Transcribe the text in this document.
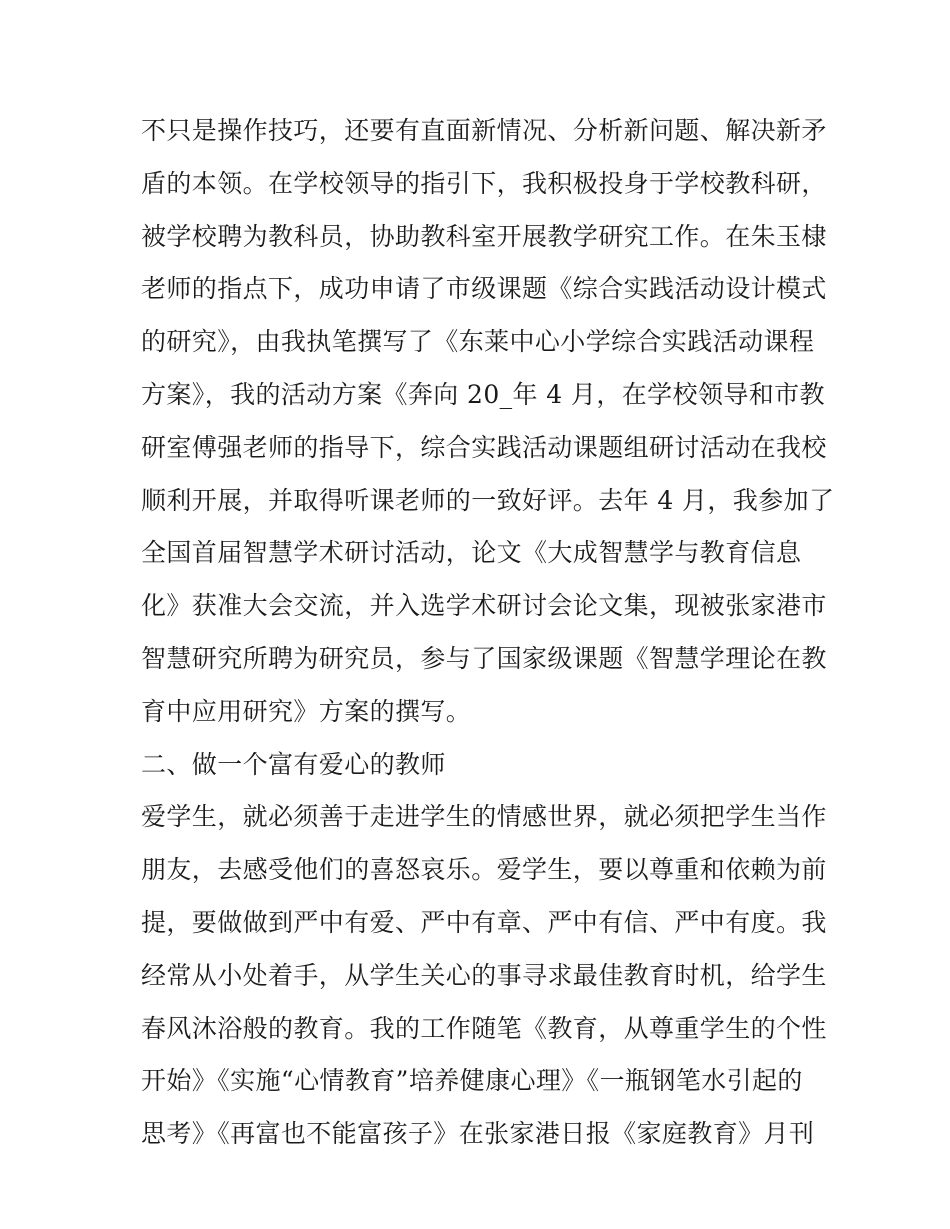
不只是操作技巧，还要有直面新情况、分析新问题、解决新矛
盾的本领。在学校领导的指引下，我积极投身于学校教科研，
被学校聘为教科员，协助教科室开展教学研究工作。在朱玉棣
老师的指点下，成功申请了市级课题《综合实践活动设计模式
的研究》，由我执笔撰写了《东莱中心小学综合实践活动课程
方案》，我的活动方案《奔向 20_年 4 月，在学校领导和市教
研室傅强老师的指导下，综合实践活动课题组研讨活动在我校
顺利开展，并取得听课老师的一致好评。去年 4 月，我参加了
全国首届智慧学术研讨活动，论文《大成智慧学与教育信息
化》获准大会交流，并入选学术研讨会论文集，现被张家港市
智慧研究所聘为研究员，参与了国家级课题《智慧学理论在教
育中应用研究》方案的撰写。
二、做一个富有爱心的教师
爱学生，就必须善于走进学生的情感世界，就必须把学生当作
朋友，去感受他们的喜怒哀乐。爱学生，要以尊重和依赖为前
提，要做做到严中有爱、严中有章、严中有信、严中有度。我
经常从小处着手，从学生关心的事寻求最佳教育时机，给学生
春风沐浴般的教育。我的工作随笔《教育，从尊重学生的个性
开始》《实施“心情教育”培养健康心理》《一瓶钢笔水引起的
思考》《再富也不能富孩子》在张家港日报《家庭教育》月刊
